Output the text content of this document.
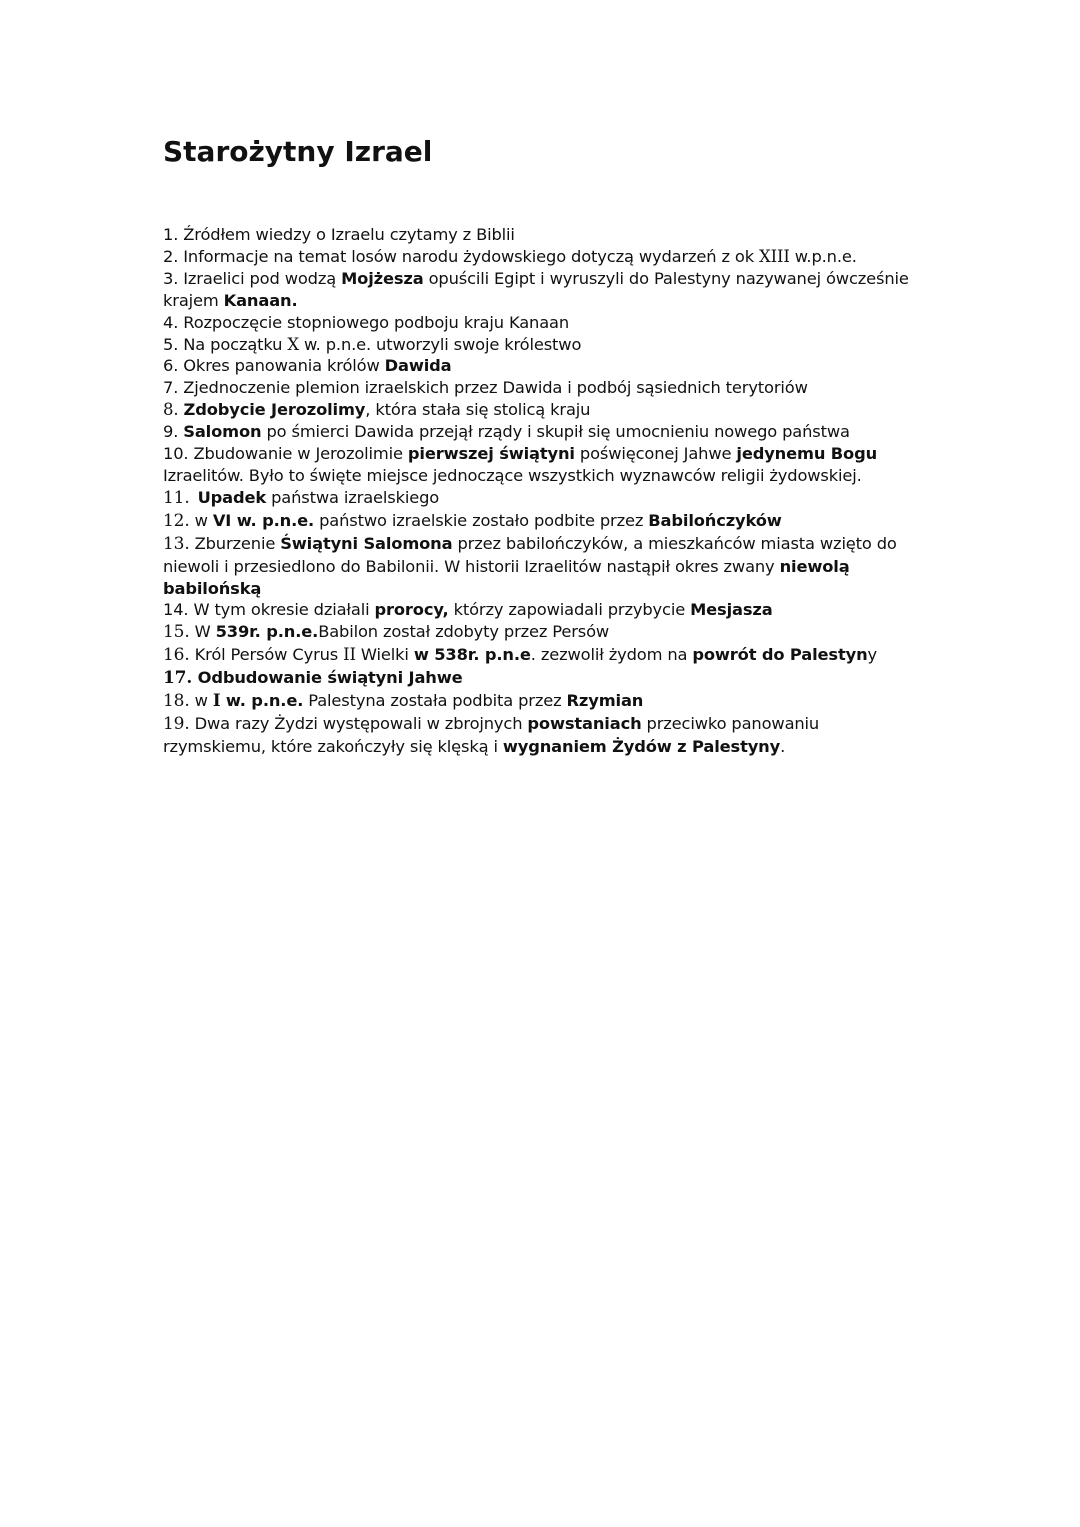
Starożytny Izrael
1. Źródłem wiedzy o Izraelu czytamy z Biblii
2. Informacje na temat losów narodu żydowskiego dotyczą wydarzeń z ok XIII w.p.n.e.
3. Izraelici pod wodzą Mojżesza opuścili Egipt i wyruszyli do Palestyny nazywanej ówcześnie krajem Kanaan.
4. Rozpoczęcie stopniowego podboju kraju Kanaan
5. Na początku X w. p.n.e. utworzyli swoje królestwo
6. Okres panowania królów Dawida
7. Zjednoczenie plemion izraelskich przez Dawida i podbój sąsiednich terytoriów
8. Zdobycie Jerozolimy, która stała się stolicą kraju
9. Salomon po śmierci Dawida przejął rządy i skupił się umocnieniu nowego państwa
10. Zbudowanie w Jerozolimie pierwszej świątyni poświęconej Jahwe jedynemu Bogu Izraelitów. Było to święte miejsce jednoczące wszystkich wyznawców religii żydowskiej.
11. Upadek państwa izraelskiego
12. w VI w. p.n.e. państwo izraelskie zostało podbite przez Babilończyków
13. Zburzenie Świątyni Salomona przez babilończyków, a mieszkańców miasta wzięto do niewoli i przesiedlono do Babilonii. W historii Izraelitów nastąpił okres zwany niewolą babilońską
14. W tym okresie działali prorocy, którzy zapowiadali przybycie Mesjasza
15. W 539r. p.n.e.Babilon został zdobyty przez Persów
16. Król Persów Cyrus II Wielki w 538r. p.n.e. zezwolił żydom na powrót do Palestyny
17. Odbudowanie świątyni Jahwe
18. w I w. p.n.e. Palestyna została podbita przez Rzymian
19. Dwa razy Żydzi występowali w zbrojnych powstaniach przeciwko panowaniu rzymskiemu, które zakończyły się klęską i wygnaniem Żydów z Palestyny.
